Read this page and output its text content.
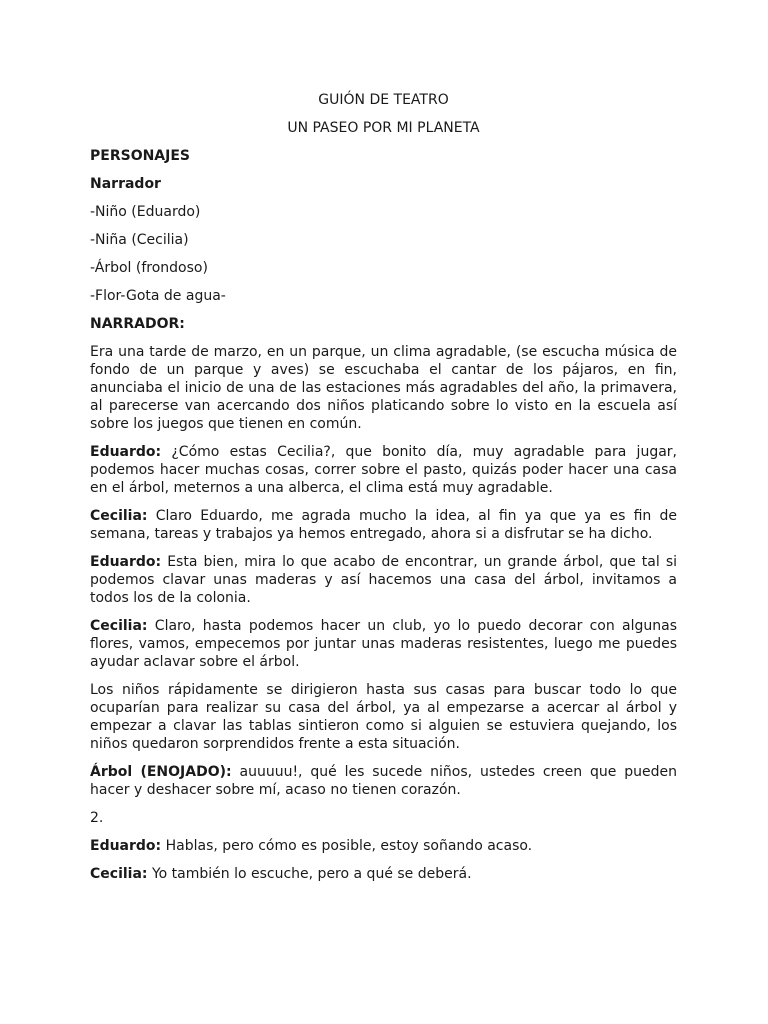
GUIÓN DE TEATRO

UN PASEO POR MI PLANETA

PERSONAJES

Narrador

-Niño (Eduardo)

-Niña (Cecilia)

-Árbol (frondoso)

-Flor-Gota de agua-

NARRADOR:

Era una tarde de marzo, en un parque, un clima agradable, (se escucha música de fondo de un parque y aves) se escuchaba el cantar de los pájaros, en fin, anunciaba el inicio de una de las estaciones más agradables del año, la primavera, al parecerse van acercando dos niños platicando sobre lo visto en la escuela así sobre los juegos que tienen en común.

Eduardo: ¿Cómo estas Cecilia?, que bonito día, muy agradable para jugar, podemos hacer muchas cosas, correr sobre el pasto, quizás poder hacer una casa en el árbol, meternos a una alberca, el clima está muy agradable.

Cecilia: Claro Eduardo, me agrada mucho la idea, al fin ya que ya es fin de semana, tareas y trabajos ya hemos entregado, ahora si a disfrutar se ha dicho.

Eduardo: Esta bien, mira lo que acabo de encontrar, un grande árbol, que tal si podemos clavar unas maderas y así hacemos una casa del árbol, invitamos a todos los de la colonia.

Cecilia: Claro, hasta podemos hacer un club, yo lo puedo decorar con algunas flores, vamos, empecemos por juntar unas maderas resistentes, luego me puedes ayudar aclavar sobre el árbol.

Los niños rápidamente se dirigieron hasta sus casas para buscar todo lo que ocuparían para realizar su casa del árbol, ya al empezarse a acercar al árbol y empezar a clavar las tablas sintieron como si alguien se estuviera quejando, los niños quedaron sorprendidos frente a esta situación.

Árbol (ENOJADO): auuuuu!, qué les sucede niños, ustedes creen que pueden hacer y deshacer sobre mí, acaso no tienen corazón.

2.

Eduardo: Hablas, pero cómo es posible, estoy soñando acaso.

Cecilia: Yo también lo escuche, pero a qué se deberá.
